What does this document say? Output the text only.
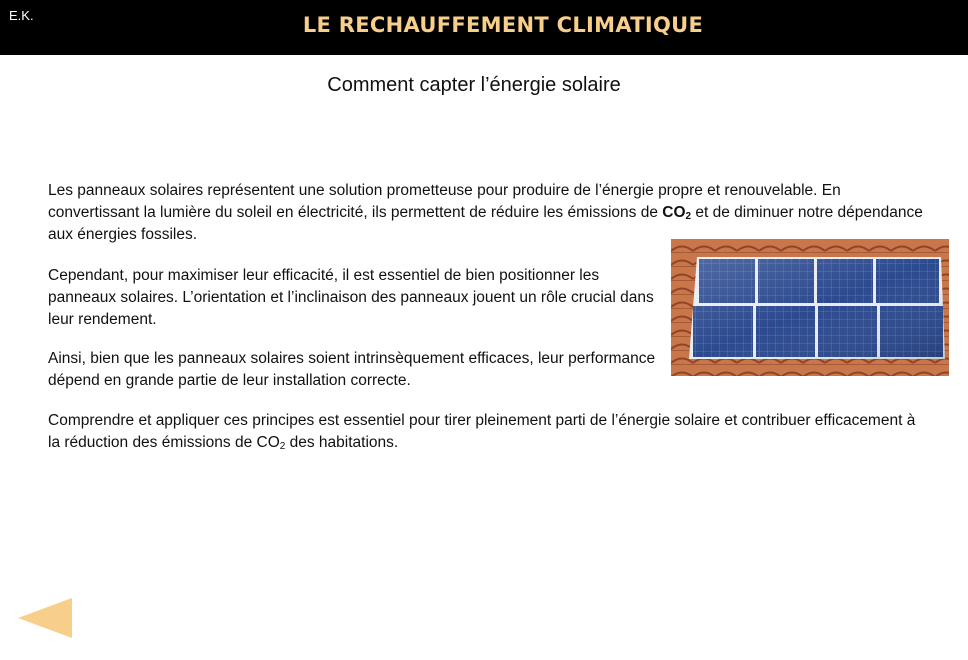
E.K.	LE RECHAUFFEMENT CLIMATIQUE
Comment capter l’énergie solaire

Les panneaux solaires représentent une solution prometteuse pour produire de l’énergie propre et renouvelable. En convertissant la lumière du soleil en électricité, ils permettent de réduire les émissions de $CO_2$ et de diminuer notre dépendance aux énergies fossiles.

Cependant, pour maximiser leur efficacité, il est essentiel de bien positionner les panneaux solaires. L’orientation et l’inclinaison des panneaux jouent un rôle crucial dans leur rendement.

Ainsi, bien que les panneaux solaires soient intrinsèquement efficaces, leur performance dépend en grande partie de leur installation correcte.

Comprendre et appliquer ces principes est essentiel pour tirer pleinement parti de l’énergie solaire et contribuer efficacement à la réduction des émissions de $CO_2$ des habitations.
